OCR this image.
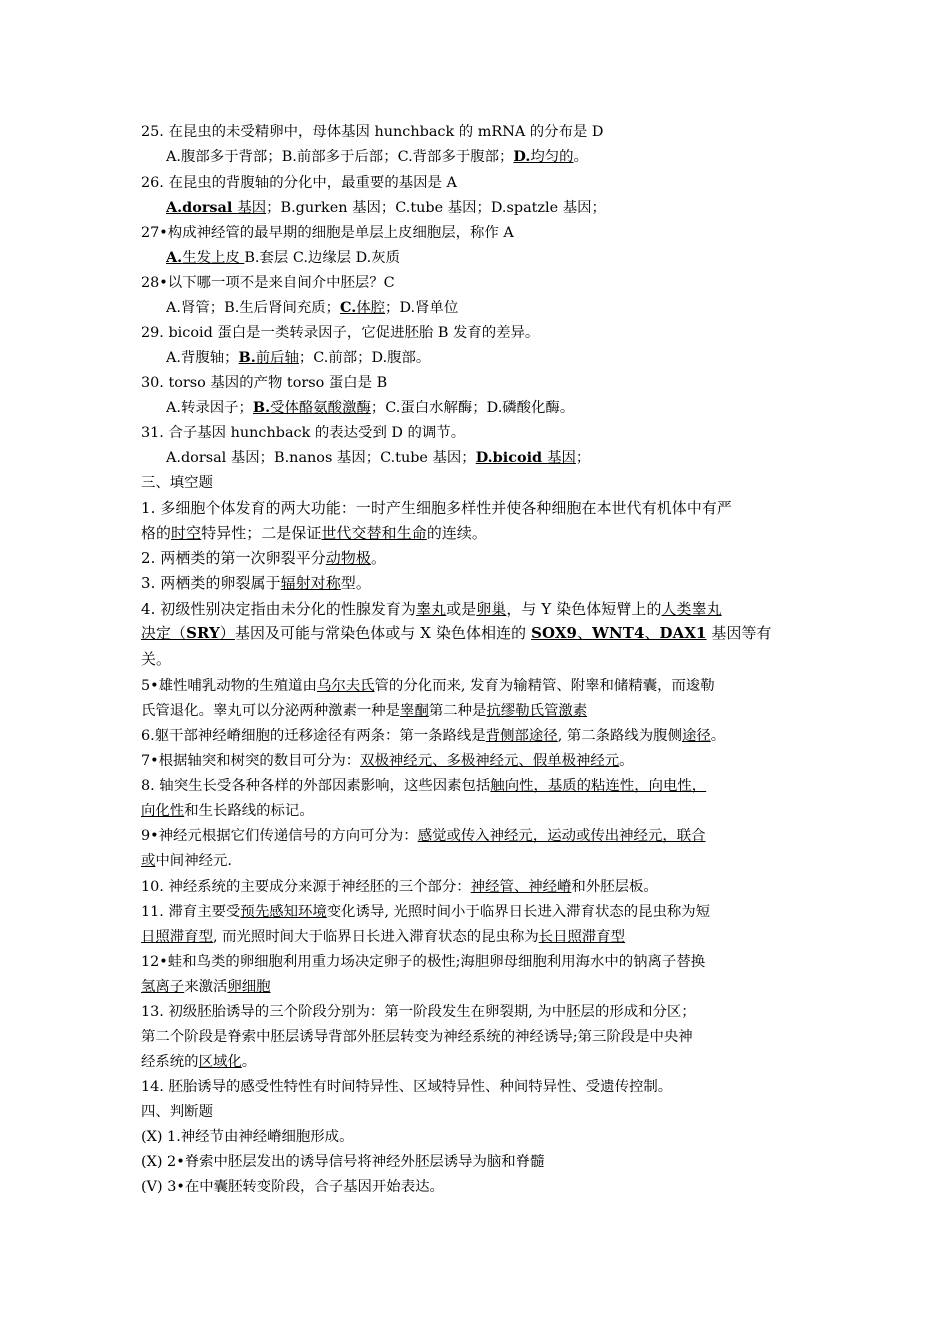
25. 在昆虫的未受精卵中，母体基因 hunchback 的 mRNA 的分布是 D
A.腹部多于背部；B.前部多于后部；C.背部多于腹部；D.均匀的。
26. 在昆虫的背腹轴的分化中，最重要的基因是 A
A.dorsal 基因；B.gurken 基因；C.tube 基因；D.spatzle 基因；
27•构成神经管的最早期的细胞是单层上皮细胞层，称作 A
A.生发上皮 B.套层 C.边缘层 D.灰质
28•以下哪一项不是来自间介中胚层？C
A.肾管；B.生后肾间充质；C.体腔；D.肾单位
29. bicoid 蛋白是一类转录因子，它促进胚胎 B 发育的差异。
A.背腹轴；B.前后轴；C.前部；D.腹部。
30. torso 基因的产物 torso 蛋白是 B
A.转录因子；B.受体酪氨酸激酶；C.蛋白水解酶；D.磷酸化酶。
31. 合子基因 hunchback 的表达受到 D 的调节。
A.dorsal 基因；B.nanos 基因；C.tube 基因；D.bicoid 基因；
三、填空题
1. 多细胞个体发育的两大功能：一时产生细胞多样性并使各种细胞在本世代有机体中有严
格的时空特异性；二是保证世代交替和生命的连续。
2. 两栖类的第一次卵裂平分动物极。
3. 两栖类的卵裂属于辐射对称型。
4. 初级性别决定指由未分化的性腺发育为睾丸或是卵巢，与 Y 染色体短臂上的人类睾丸
决定（SRY）基因及可能与常染色体或与 X 染色体相连的 SOX9、WNT4、DAX1 基因等有
关。
5•雄性哺乳动物的生殖道由乌尔夫氏管的分化而来, 发育为输精管、附睾和储精囊，而逡勒
氏管退化。睾丸可以分泌两种激素一种是睾酮第二种是抗缪勒氏管激素
6.躯干部神经嵴细胞的迁移途径有两条：第一条路线是背侧部途径, 第二条路线为腹侧途径。
7•根据轴突和树突的数目可分为：双极神经元、多极神经元、假单极神经元。
8. 轴突生长受各种各样的外部因素影响，这些因素包括触向性，基质的粘连性，向电性，
向化性和生长路线的标记。
9•神经元根据它们传递信号的方向可分为：感觉或传入神经元，运动或传出神经元，联合
或中间神经元.
10. 神经系统的主要成分来源于神经胚的三个部分：神经管、神经嵴和外胚层板。
11. 滞育主要受预先感知环境变化诱导, 光照时间小于临界日长进入滞育状态的昆虫称为短
日照滞育型, 而光照时间大于临界日长进入滞育状态的昆虫称为长日照滞育型
12•蛙和鸟类的卵细胞利用重力场决定卵子的极性;海胆卵母细胞利用海水中的钠离子替换
氢离子来激活卵细胞
13. 初级胚胎诱导的三个阶段分别为：第一阶段发生在卵裂期, 为中胚层的形成和分区；
第二个阶段是脊索中胚层诱导背部外胚层转变为神经系统的神经诱导;第三阶段是中央神
经系统的区域化。
14. 胚胎诱导的感受性特性有时间特异性、区域特异性、种间特异性、受遗传控制。
四、判断题
(X) 1.神经节由神经嵴细胞形成。
(X) 2•脊索中胚层发出的诱导信号将神经外胚层诱导为脑和脊髓
(V) 3•在中囊胚转变阶段，合子基因开始表达。
